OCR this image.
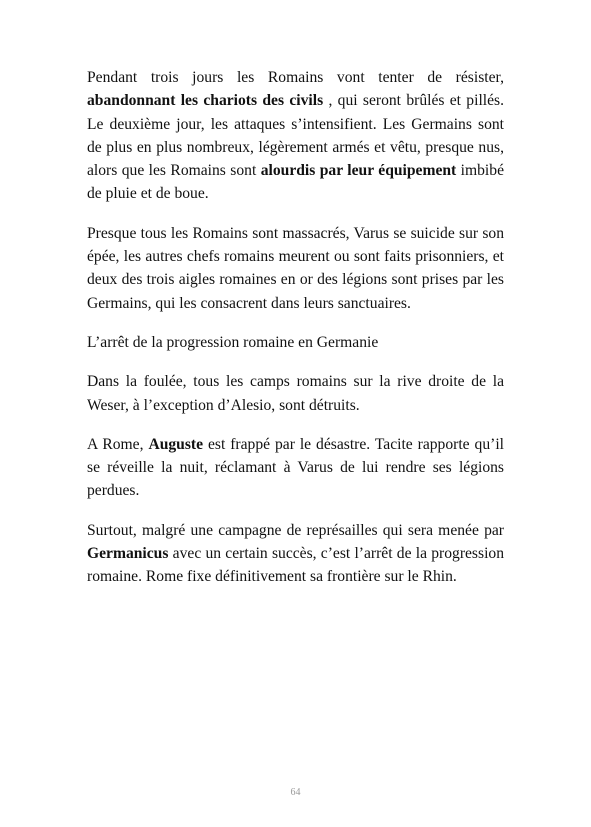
Pendant trois jours les Romains vont tenter de résister, abandonnant les chariots des civils , qui seront brûlés et pillés. Le deuxième jour, les attaques s’intensifient. Les Germains sont de plus en plus nombreux, légèrement armés et vêtu, presque nus, alors que les Romains sont alourdis par leur équipement imbibé de pluie et de boue.

Presque tous les Romains sont massacrés, Varus se suicide sur son épée, les autres chefs romains meurent ou sont faits prisonniers, et deux des trois aigles romaines en or des légions sont prises par les Germains, qui les consacrent dans leurs sanctuaires.

L’arrêt de la progression romaine en Germanie

Dans la foulée, tous les camps romains sur la rive droite de la Weser, à l’exception d’Alesio, sont détruits.

A Rome, Auguste est frappé par le désastre. Tacite rapporte qu’il se réveille la nuit, réclamant à Varus de lui rendre ses légions perdues.

Surtout, malgré une campagne de représailles qui sera menée par Germanicus avec un certain succès, c’est l’arrêt de la progression romaine. Rome fixe définitivement sa frontière sur le Rhin.

64
